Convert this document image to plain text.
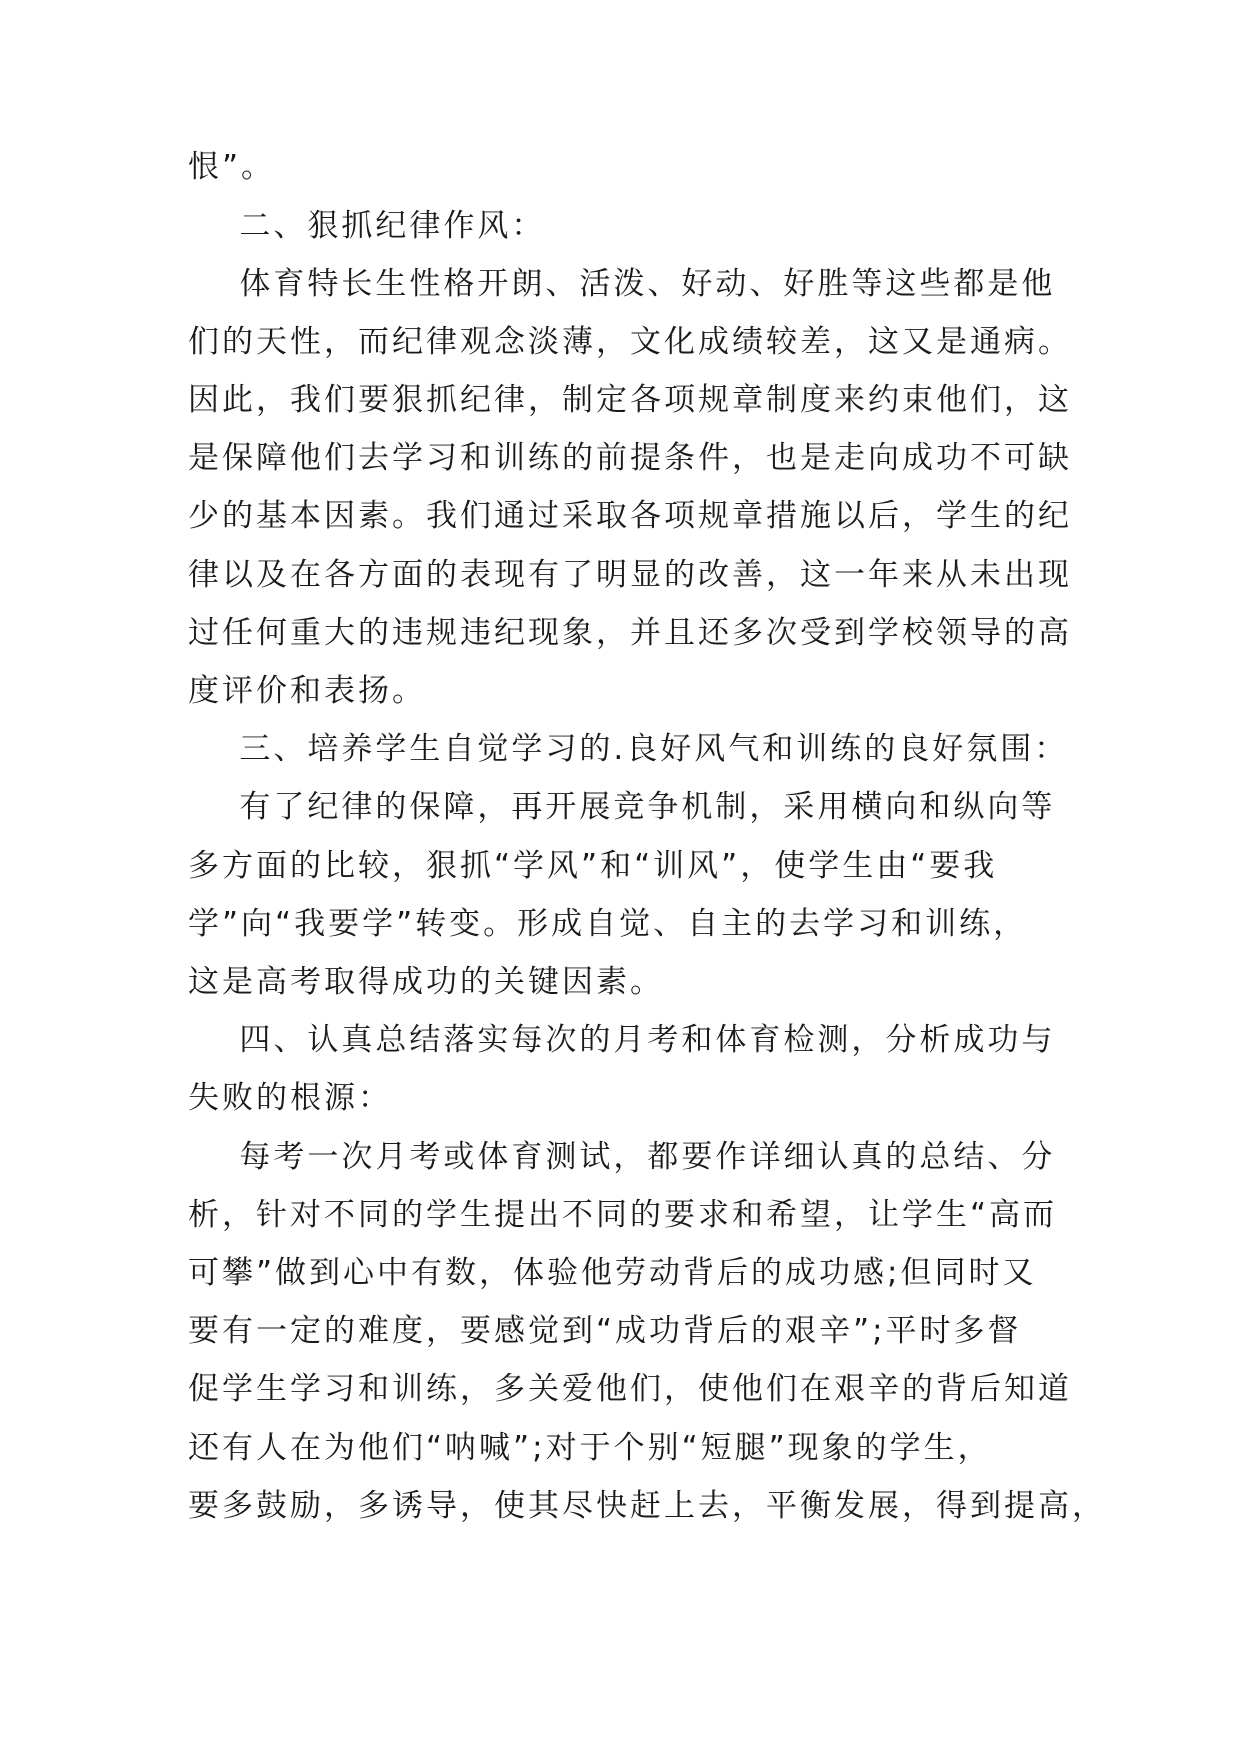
恨”。
二、狠抓纪律作风：
体育特长生性格开朗、活泼、好动、好胜等这些都是他
们的天性，而纪律观念淡薄，文化成绩较差，这又是通病。
因此，我们要狠抓纪律，制定各项规章制度来约束他们，这
是保障他们去学习和训练的前提条件，也是走向成功不可缺
少的基本因素。我们通过采取各项规章措施以后，学生的纪
律以及在各方面的表现有了明显的改善，这一年来从未出现
过任何重大的违规违纪现象，并且还多次受到学校领导的高
度评价和表扬。
三、培养学生自觉学习的.良好风气和训练的良好氛围：
有了纪律的保障，再开展竞争机制，采用横向和纵向等
多方面的比较，狠抓“学风”和“训风”，使学生由“要我
学”向“我要学”转变。形成自觉、自主的去学习和训练，
这是高考取得成功的关键因素。
四、认真总结落实每次的月考和体育检测，分析成功与
失败的根源：
每考一次月考或体育测试，都要作详细认真的总结、分
析，针对不同的学生提出不同的要求和希望，让学生“高而
可攀”做到心中有数，体验他劳动背后的成功感;但同时又
要有一定的难度，要感觉到“成功背后的艰辛”;平时多督
促学生学习和训练，多关爱他们，使他们在艰辛的背后知道
还有人在为他们“呐喊”;对于个别“短腿”现象的学生，
要多鼓励，多诱导，使其尽快赶上去，平衡发展，得到提高，
